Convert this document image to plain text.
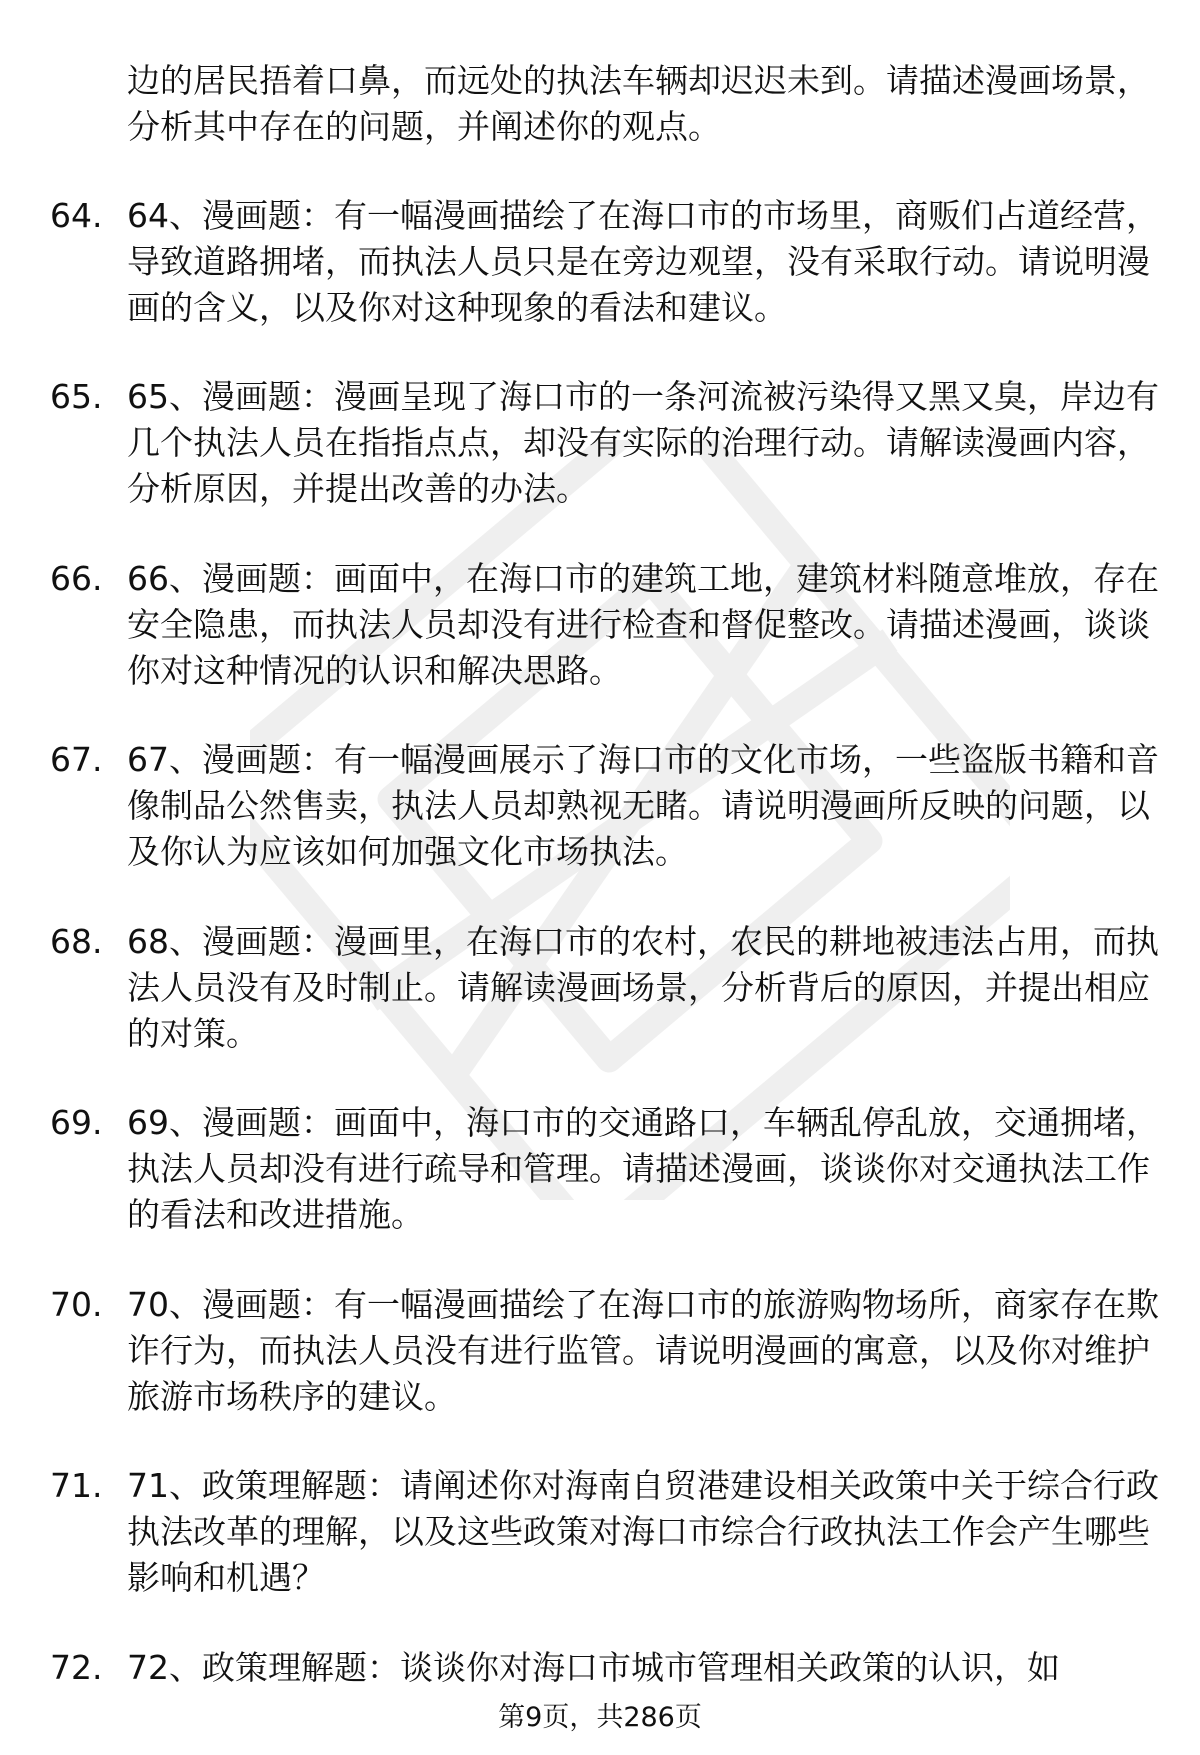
边的居民捂着口鼻，而远处的执法车辆却迟迟未到。请描述漫画场景，分析其中存在的问题，并阐述你的观点。
64. 64、漫画题：有一幅漫画描绘了在海口市的市场里，商贩们占道经营，导致道路拥堵，而执法人员只是在旁边观望，没有采取行动。请说明漫画的含义，以及你对这种现象的看法和建议。
65. 65、漫画题：漫画呈现了海口市的一条河流被污染得又黑又臭，岸边有几个执法人员在指指点点，却没有实际的治理行动。请解读漫画内容，分析原因，并提出改善的办法。
66. 66、漫画题：画面中，在海口市的建筑工地，建筑材料随意堆放，存在安全隐患，而执法人员却没有进行检查和督促整改。请描述漫画，谈谈你对这种情况的认识和解决思路。
67. 67、漫画题：有一幅漫画展示了海口市的文化市场，一些盗版书籍和音像制品公然售卖，执法人员却熟视无睹。请说明漫画所反映的问题，以及你认为应该如何加强文化市场执法。
68. 68、漫画题：漫画里，在海口市的农村，农民的耕地被违法占用，而执法人员没有及时制止。请解读漫画场景，分析背后的原因，并提出相应的对策。
69. 69、漫画题：画面中，海口市的交通路口，车辆乱停乱放，交通拥堵，执法人员却没有进行疏导和管理。请描述漫画，谈谈你对交通执法工作的看法和改进措施。
70. 70、漫画题：有一幅漫画描绘了在海口市的旅游购物场所，商家存在欺诈行为，而执法人员没有进行监管。请说明漫画的寓意，以及你对维护旅游市场秩序的建议。
71. 71、政策理解题：请阐述你对海南自贸港建设相关政策中关于综合行政执法改革的理解，以及这些政策对海口市综合行政执法工作会产生哪些影响和机遇？
72. 72、政策理解题：谈谈你对海口市城市管理相关政策的认识，如
第9页，共286页
